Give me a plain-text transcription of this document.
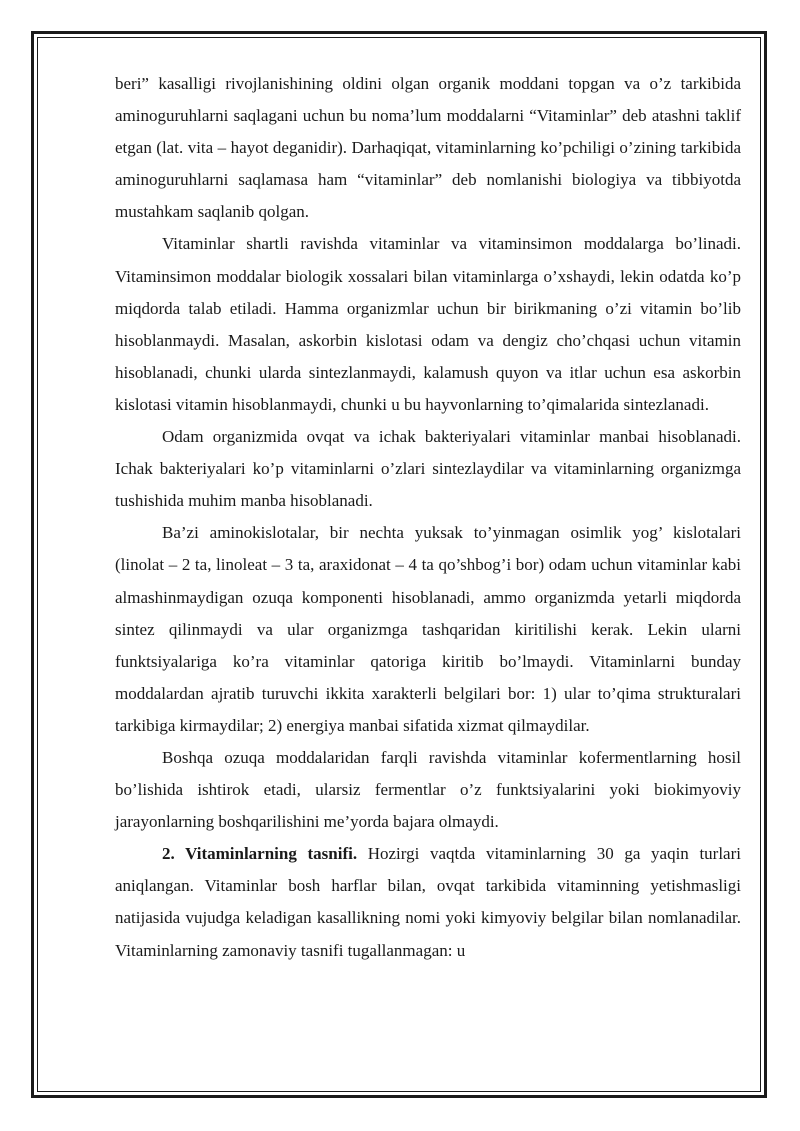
beri” kasalligi rivojlanishining oldini olgan organik moddani topgan va o’z tarkibida aminoguruhlarni saqlagani uchun bu noma’lum moddalarni “Vitaminlar” deb atashni taklif etgan (lat. vita – hayot deganidir). Darhaqiqat, vitaminlarning ko’pchiligi o’zining tarkibida aminoguruhlarni saqlamasa ham “vitaminlar” deb nomlanishi biologiya va tibbiyotda mustahkam saqlanib qolgan.

Vitaminlar shartli ravishda vitaminlar va vitaminsimon moddalarga bo’linadi. Vitaminsimon moddalar biologik xossalari bilan vitaminlarga o’xshaydi, lekin odatda ko’p miqdorda talab etiladi. Hamma organizmlar uchun bir birikmaning o’zi vitamin bo’lib hisoblanmaydi. Masalan, askorbin kislotasi odam va dengiz cho’chqasi uchun vitamin hisoblanadi, chunki ularda sintezlanmaydi, kalamush quyon va itlar uchun esa askorbin kislotasi vitamin hisoblanmaydi, chunki u bu hayvonlarning to’qimalarida sintezlanadi.

Odam organizmida ovqat va ichak bakteriyalari vitaminlar manbai hisoblanadi. Ichak bakteriyalari ko’p vitaminlarni o’zlari sintezlaydilar va vitaminlarning organizmga tushishida muhim manba hisoblanadi.

Ba’zi aminokislotalar, bir nechta yuksak to’yinmagan osimlik yog’ kislotalari (linolat – 2 ta, linoleat – 3 ta, araxidonat – 4 ta qo’shbog’i bor) odam uchun vitaminlar kabi almashinmaydigan ozuqa komponenti hisoblanadi, ammo organizmda yetarli miqdorda sintez qilinmaydi va ular organizmga tashqaridan kiritilishi kerak. Lekin ularni funktsiyalariga ko’ra vitaminlar qatoriga kiritib bo’lmaydi. Vitaminlarni bunday moddalardan ajratib turuvchi ikkita xarakterli belgilari bor: 1) ular to’qima strukturalari tarkibiga kirmaydilar; 2) energiya manbai sifatida xizmat qilmaydilar.

Boshqa ozuqa moddalaridan farqli ravishda vitaminlar kofermentlarning hosil bo’lishida ishtirok etadi, ularsiz fermentlar o’z funktsiyalarini yoki biokimyoviy jarayonlarning boshqarilishini me’yorda bajara olmaydi.

2. Vitaminlarning tasnifi. Hozirgi vaqtda vitaminlarning 30 ga yaqin turlari aniqlangan. Vitaminlar bosh harflar bilan, ovqat tarkibida vitaminning yetishmasligi natijasida vujudga keladigan kasallikning nomi yoki kimyoviy belgilar bilan nomlanadilar. Vitaminlarning zamonaviy tasnifi tugallanmagan: u
